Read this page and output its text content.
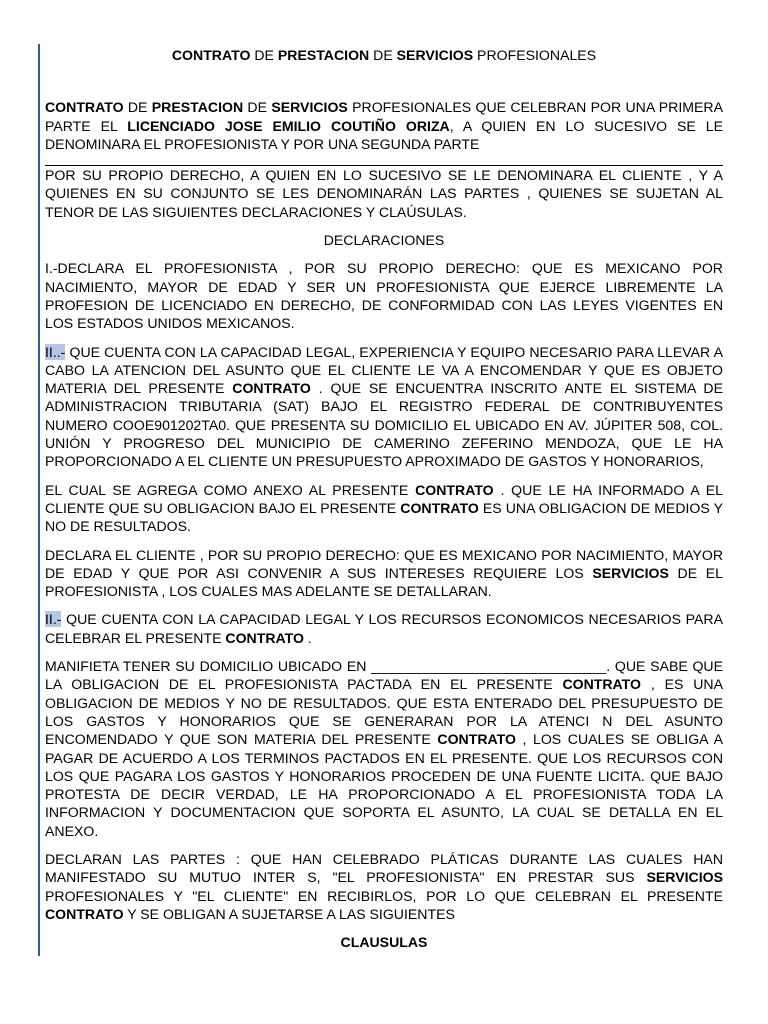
CONTRATO DE PRESTACION DE SERVICIOS PROFESIONALES

CONTRATO DE PRESTACION DE SERVICIOS PROFESIONALES QUE CELEBRAN POR UNA PRIMERA PARTE EL LICENCIADO JOSE EMILIO COUTIÑO ORIZA, A QUIEN EN LO SUCESIVO SE LE DENOMINARA EL PROFESIONISTA Y POR UNA SEGUNDA PARTE

POR SU PROPIO DERECHO, A QUIEN EN LO SUCESIVO SE LE DENOMINARA EL CLIENTE , Y A QUIENES EN SU CONJUNTO SE LES DENOMINARÁN LAS PARTES , QUIENES SE SUJETAN AL TENOR DE LAS SIGUIENTES DECLARACIONES Y CLAÚSULAS.

DECLARACIONES

I.-DECLARA EL PROFESIONISTA , POR SU PROPIO DERECHO: QUE ES MEXICANO POR NACIMIENTO, MAYOR DE EDAD Y SER UN PROFESIONISTA QUE EJERCE LIBREMENTE LA PROFESION DE LICENCIADO EN DERECHO, DE CONFORMIDAD CON LAS LEYES VIGENTES EN LOS ESTADOS UNIDOS MEXICANOS.

II..- QUE CUENTA CON LA CAPACIDAD LEGAL, EXPERIENCIA Y EQUIPO NECESARIO PARA LLEVAR A CABO LA ATENCION DEL ASUNTO QUE EL CLIENTE LE VA A ENCOMENDAR Y QUE ES OBJETO MATERIA DEL PRESENTE CONTRATO . QUE SE ENCUENTRA INSCRITO ANTE EL SISTEMA DE ADMINISTRACION TRIBUTARIA (SAT) BAJO EL REGISTRO FEDERAL DE CONTRIBUYENTES NUMERO COOE901202TA0. QUE PRESENTA SU DOMICILIO EL UBICADO EN AV. JÚPITER 508, COL. UNIÓN Y PROGRESO DEL MUNICIPIO DE CAMERINO ZEFERINO MENDOZA, QUE LE HA PROPORCIONADO A EL CLIENTE UN PRESUPUESTO APROXIMADO DE GASTOS Y HONORARIOS,

EL CUAL SE AGREGA COMO ANEXO AL PRESENTE CONTRATO . QUE LE HA INFORMADO A EL CLIENTE QUE SU OBLIGACION BAJO EL PRESENTE CONTRATO ES UNA OBLIGACION DE MEDIOS Y NO DE RESULTADOS.

DECLARA EL CLIENTE , POR SU PROPIO DERECHO: QUE ES MEXICANO POR NACIMIENTO, MAYOR DE EDAD Y QUE POR ASI CONVENIR A SUS INTERESES REQUIERE LOS SERVICIOS DE EL PROFESIONISTA , LOS CUALES MAS ADELANTE SE DETALLARAN.

II.- QUE CUENTA CON LA CAPACIDAD LEGAL Y LOS RECURSOS ECONOMICOS NECESARIOS PARA CELEBRAR EL PRESENTE CONTRATO .

MANIFIETA TENER SU DOMICILIO UBICADO EN ______________________________. QUE SABE QUE LA OBLIGACION DE EL PROFESIONISTA PACTADA EN EL PRESENTE CONTRATO , ES UNA OBLIGACION DE MEDIOS Y NO DE RESULTADOS. QUE ESTA ENTERADO DEL PRESUPUESTO DE LOS GASTOS Y HONORARIOS QUE SE GENERARAN POR LA ATENCI N DEL ASUNTO ENCOMENDADO Y QUE SON MATERIA DEL PRESENTE CONTRATO , LOS CUALES SE OBLIGA A PAGAR DE ACUERDO A LOS TERMINOS PACTADOS EN EL PRESENTE. QUE LOS RECURSOS CON LOS QUE PAGARA LOS GASTOS Y HONORARIOS PROCEDEN DE UNA FUENTE LICITA. QUE BAJO PROTESTA DE DECIR VERDAD, LE HA PROPORCIONADO A EL PROFESIONISTA TODA LA INFORMACION Y DOCUMENTACION QUE SOPORTA EL ASUNTO, LA CUAL SE DETALLA EN EL ANEXO.

DECLARAN LAS PARTES : QUE HAN CELEBRADO PLÁTICAS DURANTE LAS CUALES HAN MANIFESTADO SU MUTUO INTER S, "EL PROFESIONISTA" EN PRESTAR SUS SERVICIOS PROFESIONALES Y "EL CLIENTE" EN RECIBIRLOS, POR LO QUE CELEBRAN EL PRESENTE CONTRATO Y SE OBLIGAN A SUJETARSE A LAS SIGUIENTES

CLAUSULAS
